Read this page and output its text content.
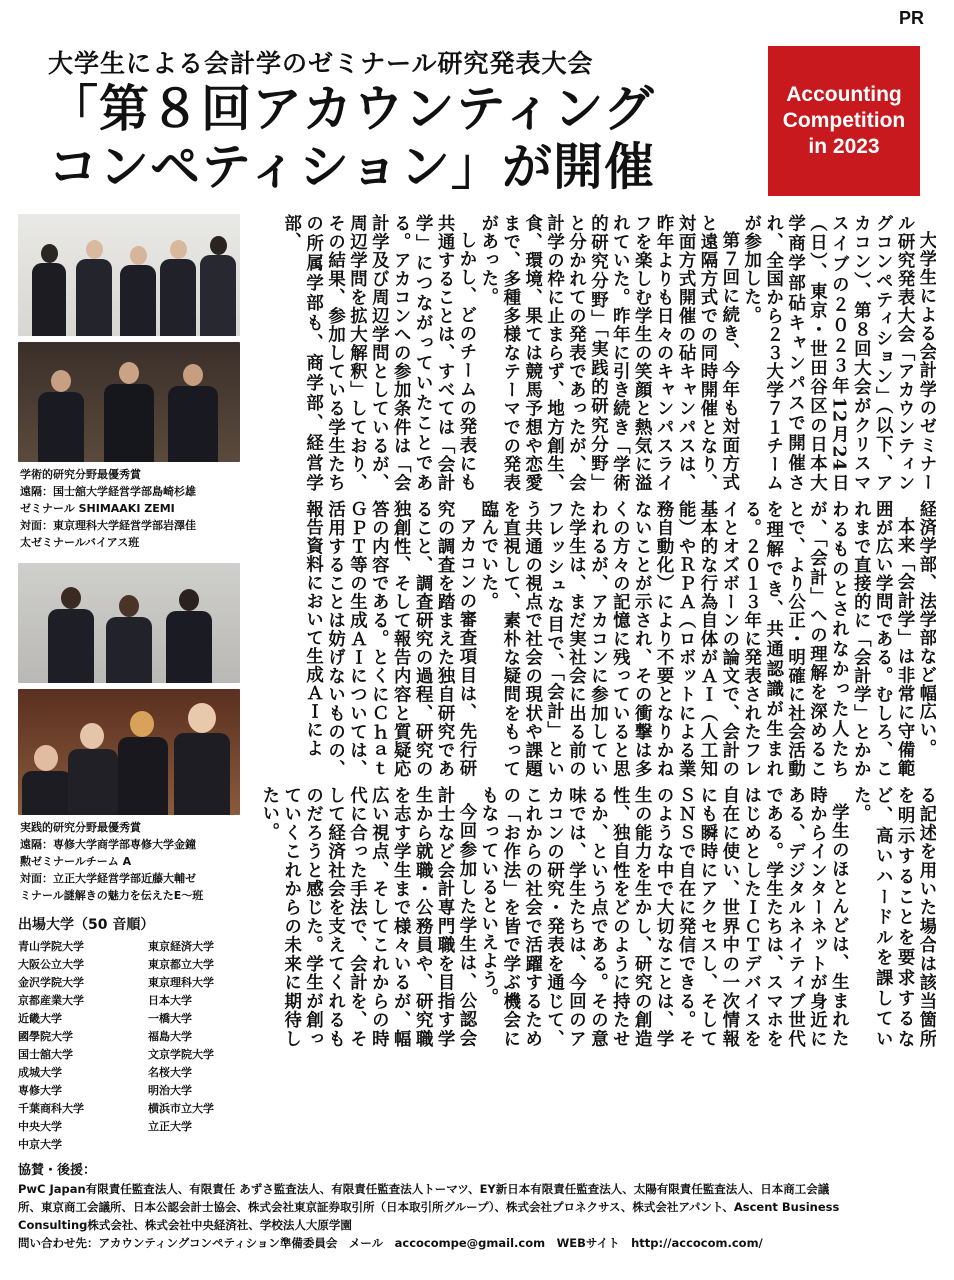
PR
大学生による会計学のゼミナール研究発表大会
「第８回アカウンティング
コンペティション」が開催
Accounting
Competition
in 2023
学術的研究分野最優秀賞
遠隔：国士舘大学経営学部島崎杉雄
ゼミナール SHIMAAKI ZEMI
対面：東京理科大学経営学部岩澤佳
太ゼミナールバイアス班
実践的研究分野最優秀賞
遠隔：専修大学商学部専修大学金鐘
勲ゼミナールチーム A
対面：立正大学経営学部近藤大輔ゼ
ミナール謎解きの魅力を伝えたE～班
出場大学（50 音順）
青山学院大学
大阪公立大学
金沢学院大学
京都産業大学
近畿大学
國學院大学
国士舘大学
成城大学
専修大学
千葉商科大学
中央大学
中京大学
東京経済大学
東京都立大学
東京理科大学
日本大学
一橋大学
福島大学
文京学院大学
名桜大学
明治大学
横浜市立大学
立正大学

大学生による会計学のゼミナール研究発表大会「アカウンティングコンペティション」（以下、アカコン）、第８回大会がクリスマスイブの２０２３年12月24日（日）、東京・世田谷区の日本大学商学部砧キャンパスで開催され、全国から２３大学７１チームが参加した。

第７回に続き、今年も対面方式と遠隔方式での同時開催となり、対面方式開催の砧キャンパスは、昨年よりも日々のキャンパスライフを楽しむ学生の笑顔と熱気に溢れていた。昨年に引き続き「学術的研究分野」「実践的研究分野」と分かれての発表であったが、会計学の枠に止まらず、地方創生、食、環境、果ては競馬予想や恋愛まで、多種多様なテーマでの発表があった。

しかし、どのチームの発表にも共通することは、すべては「会計学」につながっていたことである。アカコンへの参加条件は「会計学及び周辺学問としているが、周辺学問を拡大解釈」しており、その結果、参加している学生たちの所属学部も、商学部、経営学部、

経済学部、法学部など幅広い。

本来「会計学」は非常に守備範囲が広い学問である。むしろ、これまで直接的に「会計学」とかかわるものとされなかった人たちが、「会計」への理解を深めることで、より公正・明確に社会活動を理解でき、共通認識が生まれる。２０１３年に発表されたフレイとオズボーンの論文で、会計の基本的な行為自体がＡＩ（人工知能）やＲＰＡ（ロボットによる業務自動化）により不要となりかねないことが示され、その衝撃は多くの方々の記憶に残っていると思われるが、アカコンに参加していた学生は、まだ実社会に出る前のフレッシュな目で、「会計」という共通の視点で社会の現状や課題を直視して、素朴な疑問をもって臨んでいた。

アカコンの審査項目は、先行研究の調査を踏まえた独自研究であること、調査研究の過程、研究の独創性、そして報告内容と質疑応答の内容である。とくにＣｈａｔＧＰＴ等の生成ＡＩについては、活用することは妨げないものの、報告資料において生成ＡＩによ

る記述を用いた場合は該当箇所を明示することを要求するなど、高いハードルを課していた。

学生のほとんどは、生まれた時からインターネットが身近にある、デジタルネイティブ世代である。学生たちは、スマホをはじめとしたＩＣＴデバイスを自在に使い、世界中の一次情報にも瞬時にアクセスし、そしてＳＮＳで自在に発信できる。そのような中で大切なことは、学生の能力を生かし、研究の創造性、独自性をどのように持たせるか、という点である。その意味では、学生たちは、今回のアカコンの研究・発表を通じて、これからの社会で活躍するための「お作法」を皆で学ぶ機会にもなっているといえよう。

今回参加した学生は、公認会計士など会計専門職を目指す学生から就職・公務員や、研究職を志す学生まで様々いるが、幅広い視点、そしてこれからの時代に合った手法で、会計を、そして経済社会を支えてくれるものだろうと感じた。学生が創っていくこれからの未来に期待したい。

協賛・後援：
PwC Japan有限責任監査法人、有限責任 あずさ監査法人、有限責任監査法人トーマツ、EY新日本有限責任監査法人、太陽有限責任監査法人、日本商工会議
所、東京商工会議所、日本公認会計士協会、株式会社東京証券取引所（日本取引所グループ）、株式会社プロネクサス、株式会社アパント、Ascent Business
Consulting株式会社、株式会社中央経済社、学校法人大原学園
問い合わせ先：アカウンティングコンペティション準備委員会　メール　accocompe@gmail.com　WEBサイト　http://accocom.com/
